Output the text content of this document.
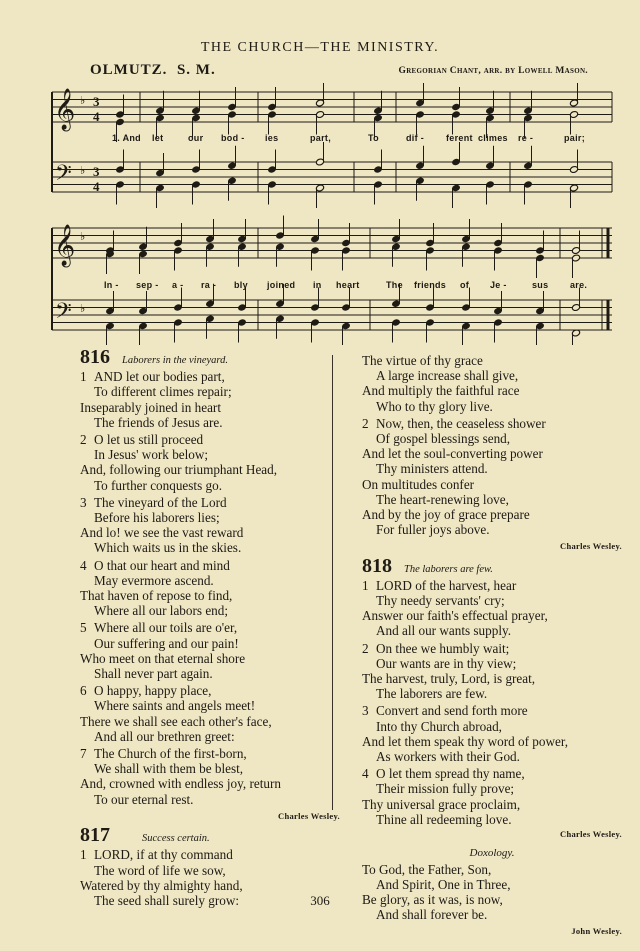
THE CHURCH—THE MINISTRY.
OLMUTZ. S. M.	Gregorian Chant, arr. by Lowell Mason.
𝄞
𝄢
𝄞
𝄢
♭
♭
♭
♭
3
4
3
4
1. And let	our bod - ies	part,	To	dif - ferent climes re -	pair;
In - sep - a - ra - bly joined in heart	The friends of Je -	sus are.
816 Laborers in the vineyard.
1 AND let our bodies part,
To different climes repair;
Inseparably joined in heart
The friends of Jesus are.
2 O let us still proceed
In Jesus' work below;
And, following our triumphant Head,
To further conquests go.
3 The vineyard of the Lord
Before his laborers lies;
And lo! we see the vast reward
Which waits us in the skies.
4 O that our heart and mind
May evermore ascend.
That haven of repose to find,
Where all our labors end;
5 Where all our toils are o'er,
Our suffering and our pain!
Who meet on that eternal shore
Shall never part again.
6 O happy, happy place,
Where saints and angels meet!
There we shall see each other's face,
And all our brethren greet:
7 The Church of the first-born,
We shall with them be blest,
And, crowned with endless joy, return
To our eternal rest.
Charles Wesley.
817	Success certain.
1 LORD, if at thy command
The word of life we sow,
Watered by thy almighty hand,
The seed shall surely grow:
The virtue of thy grace
A large increase shall give,
And multiply the faithful race
Who to thy glory live.
2 Now, then, the ceaseless shower
Of gospel blessings send,
And let the soul-converting power
Thy ministers attend.
On multitudes confer
The heart-renewing love,
And by the joy of grace prepare
For fuller joys above.
Charles Wesley.
818 The laborers are few.
1 LORD of the harvest, hear
Thy needy servants' cry;
Answer our faith's effectual prayer,
And all our wants supply.
2 On thee we humbly wait;
Our wants are in thy view;
The harvest, truly, Lord, is great,
The laborers are few.
3 Convert and send forth more
Into thy Church abroad,
And let them speak thy word of power,
As workers with their God.
4 O let them spread thy name,
Their mission fully prove;
Thy universal grace proclaim,
Thine all redeeming love.
Charles Wesley.
Doxology.
To God, the Father, Son,
And Spirit, One in Three,
Be glory, as it was, is now,
And shall forever be.
John Wesley.
306
